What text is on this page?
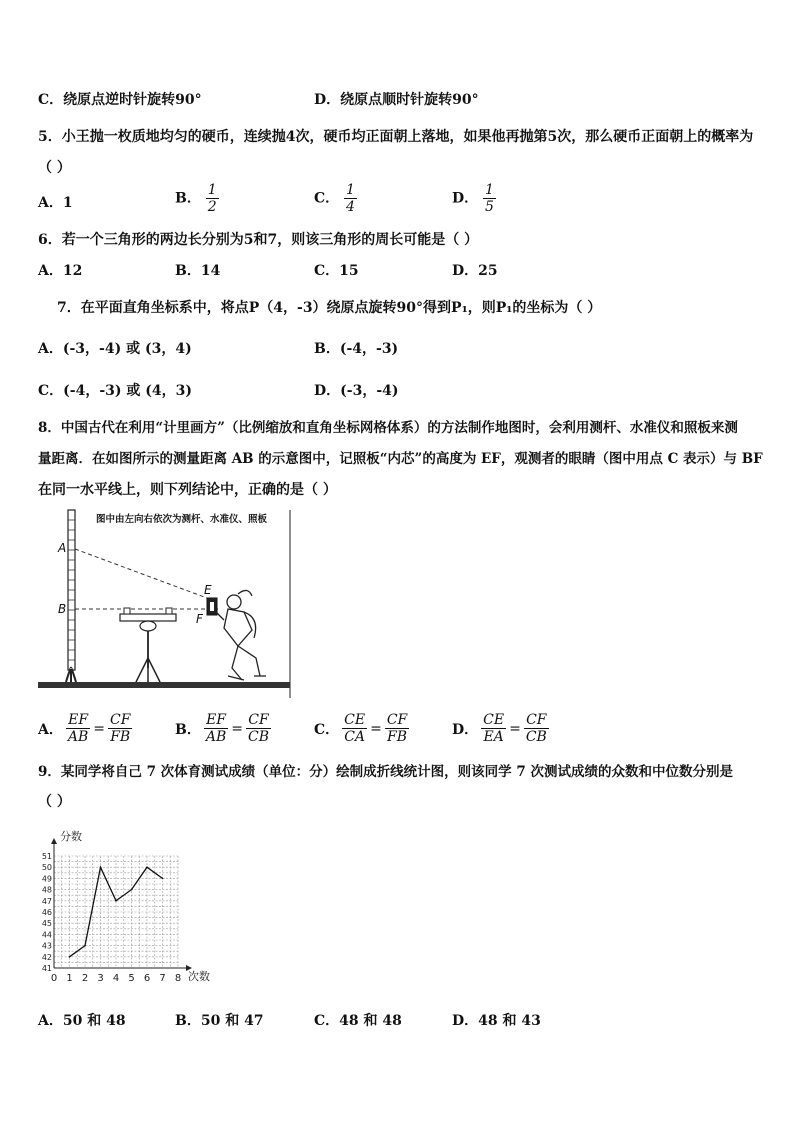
C．绕原点逆时针旋转90°	D．绕原点顺时针旋转90°
5．小王抛一枚质地均匀的硬币，连续抛4次，硬币均正面朝上落地，如果他再抛第5次，那么硬币正面朝上的概率为
（ ）
A．1	B． $\frac{1}{2}$	C． $\frac{1}{4}$	D． $\frac{1}{5}$
6．若一个三角形的两边长分别为5和7，则该三角形的周长可能是（ ）
A．12	B．14	C．15	D．25
7．在平面直角坐标系中，将点P（4，-3）绕原点旋转90°得到P₁，则P₁的坐标为（ ）
A．(-3，-4) 或 (3，4)	B．(-4，-3)
C．(-4，-3) 或 (4，3)	D．(-3，-4)
8．中国古代在利用“计里画方”（比例缩放和直角坐标网格体系）的方法制作地图时，会利用测杆、水准仪和照板来测
量距离．在如图所示的测量距离 AB 的示意图中，记照板“内芯”的高度为 EF，观测者的眼睛（图中用点 C 表示）与 BF
在同一水平线上，则下列结论中，正确的是（ ）
图中由左向右依次为测杆、水准仪、照板
A
B
E
F
A． $\frac{EF}{AB} = \frac{CF}{FB}$	B． $\frac{EF}{AB} = \frac{CF}{CB}$	C． $\frac{CE}{CA} = \frac{CF}{FB}$	D． $\frac{CE}{EA} = \frac{CF}{CB}$
9．某同学将自己 7 次体育测试成绩（单位：分）绘制成折线统计图，则该同学 7 次测试成绩的众数和中位数分别是
（ ）
0 1 2 3 4 5 6 7 8
41
42
43
44
45
46
47
48
49
50
51
分数
次数
A．50 和 48	B．50 和 47	C．48 和 48	D．48 和 43
